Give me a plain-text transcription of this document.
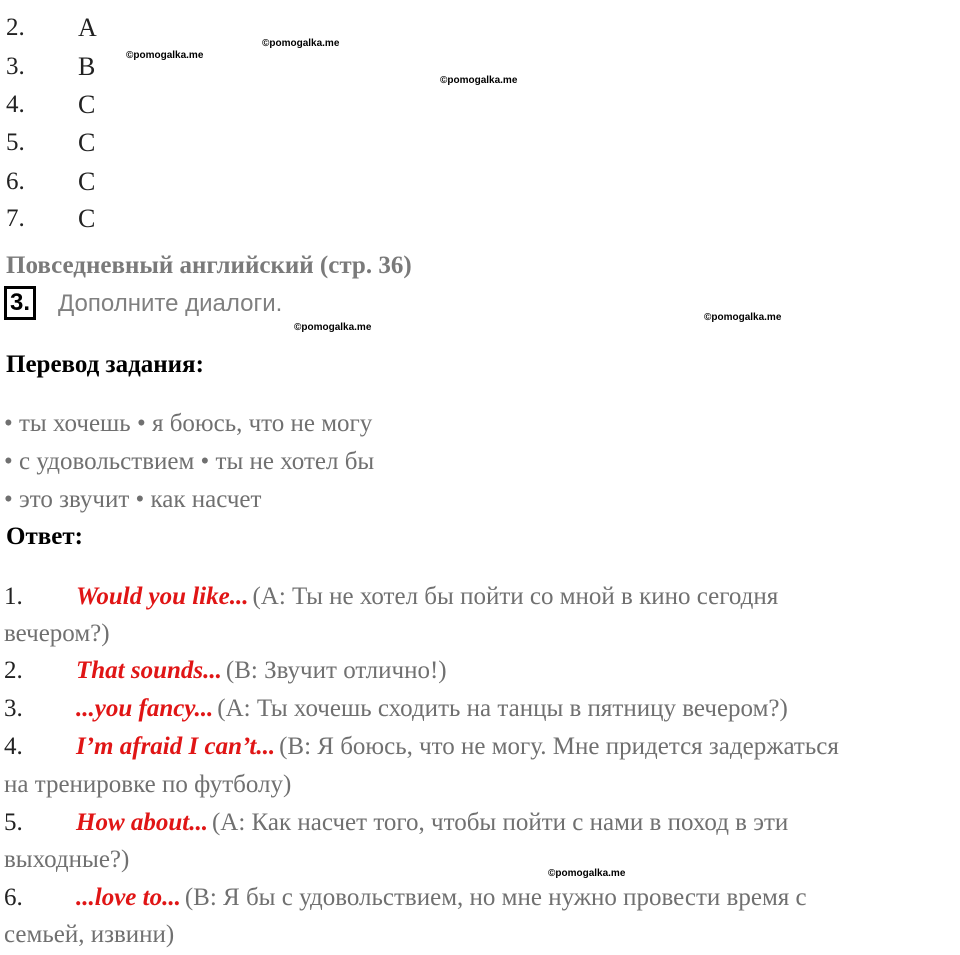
2. A
3. B
4. C
5. C
6. C
7. C
©pomogalka.me
©pomogalka.me
©pomogalka.me
©pomogalka.me
©pomogalka.me
©pomogalka.me
Повседневный английский (стр. 36)
3. Дополните диалоги.
Перевод задания:
• ты хочешь • я боюсь, что не могу
• с удовольствием • ты не хотел бы
• это звучит • как насчет
Ответ:
1. Would you like... (А: Ты не хотел бы пойти со мной в кино сегодня
вечером?)
2. That sounds... (В: Звучит отлично!)
3. ...you fancy... (А: Ты хочешь сходить на танцы в пятницу вечером?)
4. I’m afraid I can’t... (В: Я боюсь, что не могу. Мне придется задержаться
на тренировке по футболу)
5. How about... (А: Как насчет того, чтобы пойти с нами в поход в эти
выходные?)
6. ...love to... (В: Я бы с удовольствием, но мне нужно провести время с
семьей, извини)
